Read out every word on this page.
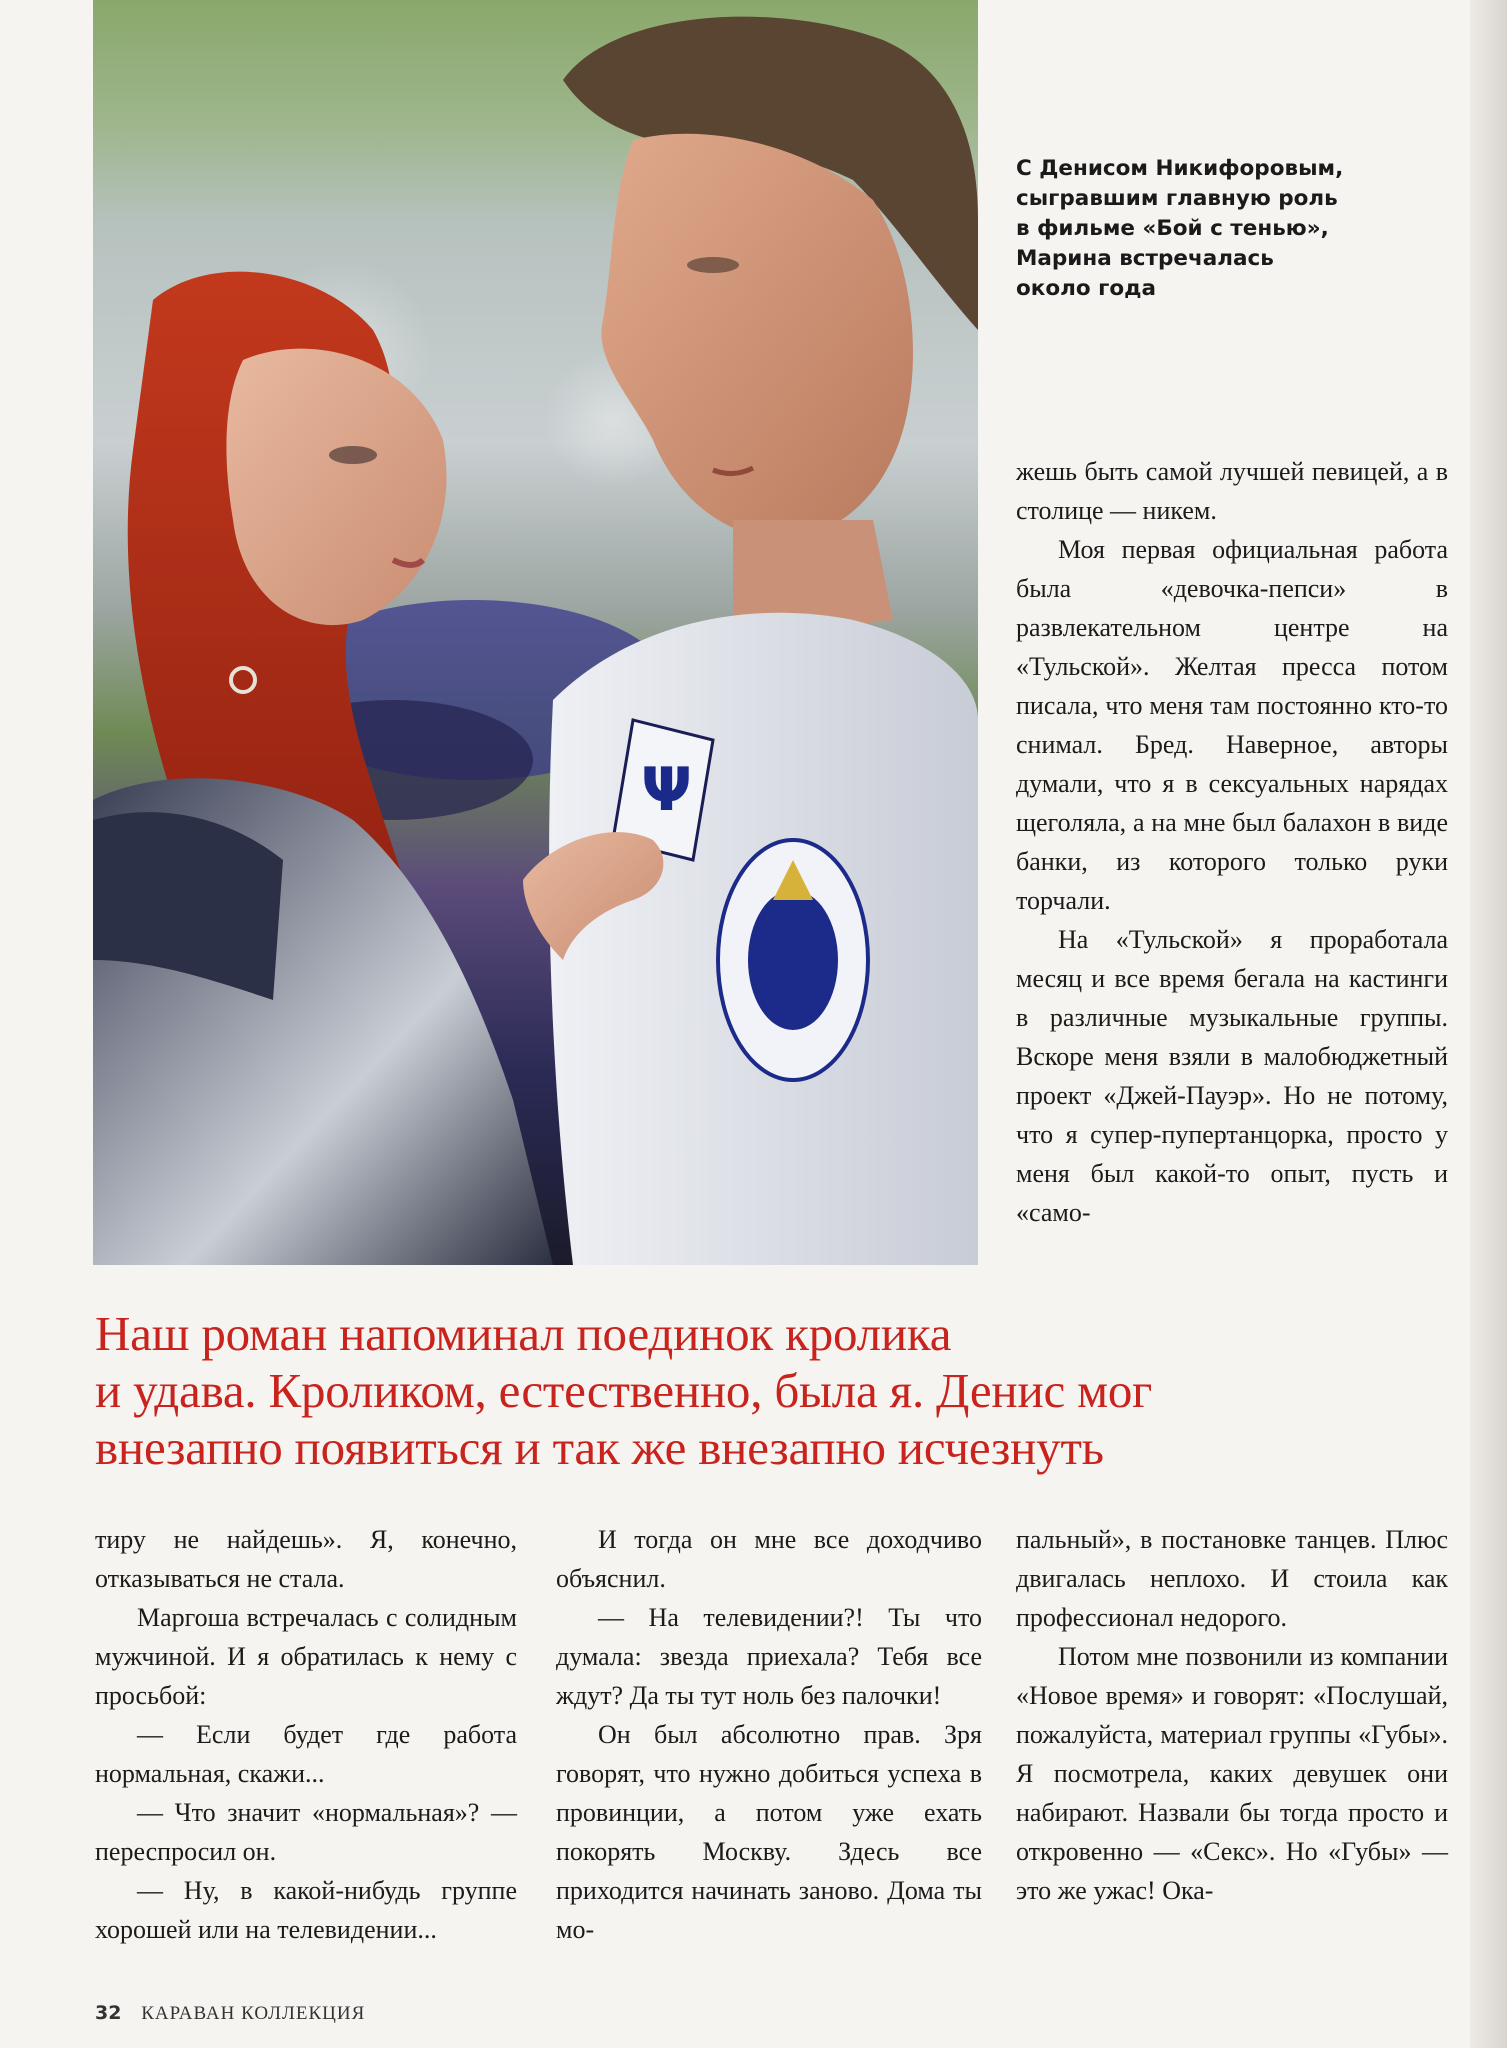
Ψ
С Денисом Никифоровым,
сыгравшим главную роль
в фильме «Бой с тенью»,
Марина встречалась
около года

жешь быть самой лучшей певицей, а в столице — никем.

Моя первая официальная работа была «девочка-пепси» в развлекательном центре на «Тульской». Желтая пресса потом писала, что меня там постоянно кто-то снимал. Бред. Наверное, авторы думали, что я в сексуальных нарядах щеголяла, а на мне был балахон в виде банки, из которого только руки торчали.

На «Тульской» я проработала месяц и все время бегала на кастинги в различные музыкальные группы. Вскоре меня взяли в малобюджетный проект «Джей-Пауэр». Но не потому, что я супер-пупертанцорка, просто у меня был какой-то опыт, пусть и «само-

Наш роман напоминал поединок кролика
и удава. Кроликом, естественно, была я. Денис мог
внезапно появиться и так же внезапно исчезнуть

тиру не найдешь». Я, конечно, отказываться не стала.

Маргоша встречалась с солидным мужчиной. И я обратилась к нему с просьбой:

— Если будет где работа нормальная, скажи...

— Что значит «нормальная»? — переспросил он.

— Ну, в какой-нибудь группе хорошей или на телевидении...

И тогда он мне все доходчиво объяснил.

— На телевидении?! Ты что думала: звезда приехала? Тебя все ждут? Да ты тут ноль без палочки!

Он был абсолютно прав. Зря говорят, что нужно добиться успеха в провинции, а потом уже ехать покорять Москву. Здесь все приходится начинать заново. Дома ты мо-

пальный», в постановке танцев. Плюс двигалась неплохо. И стоила как профессионал недорого.

Потом мне позвонили из компании «Новое время» и говорят: «Послушай, пожалуйста, материал группы «Губы». Я посмотрела, каких девушек они набирают. Назвали бы тогда просто и откровенно — «Секс». Но «Губы» — это же ужас! Ока-

32 КАРАВАН КОЛЛЕКЦИЯ
